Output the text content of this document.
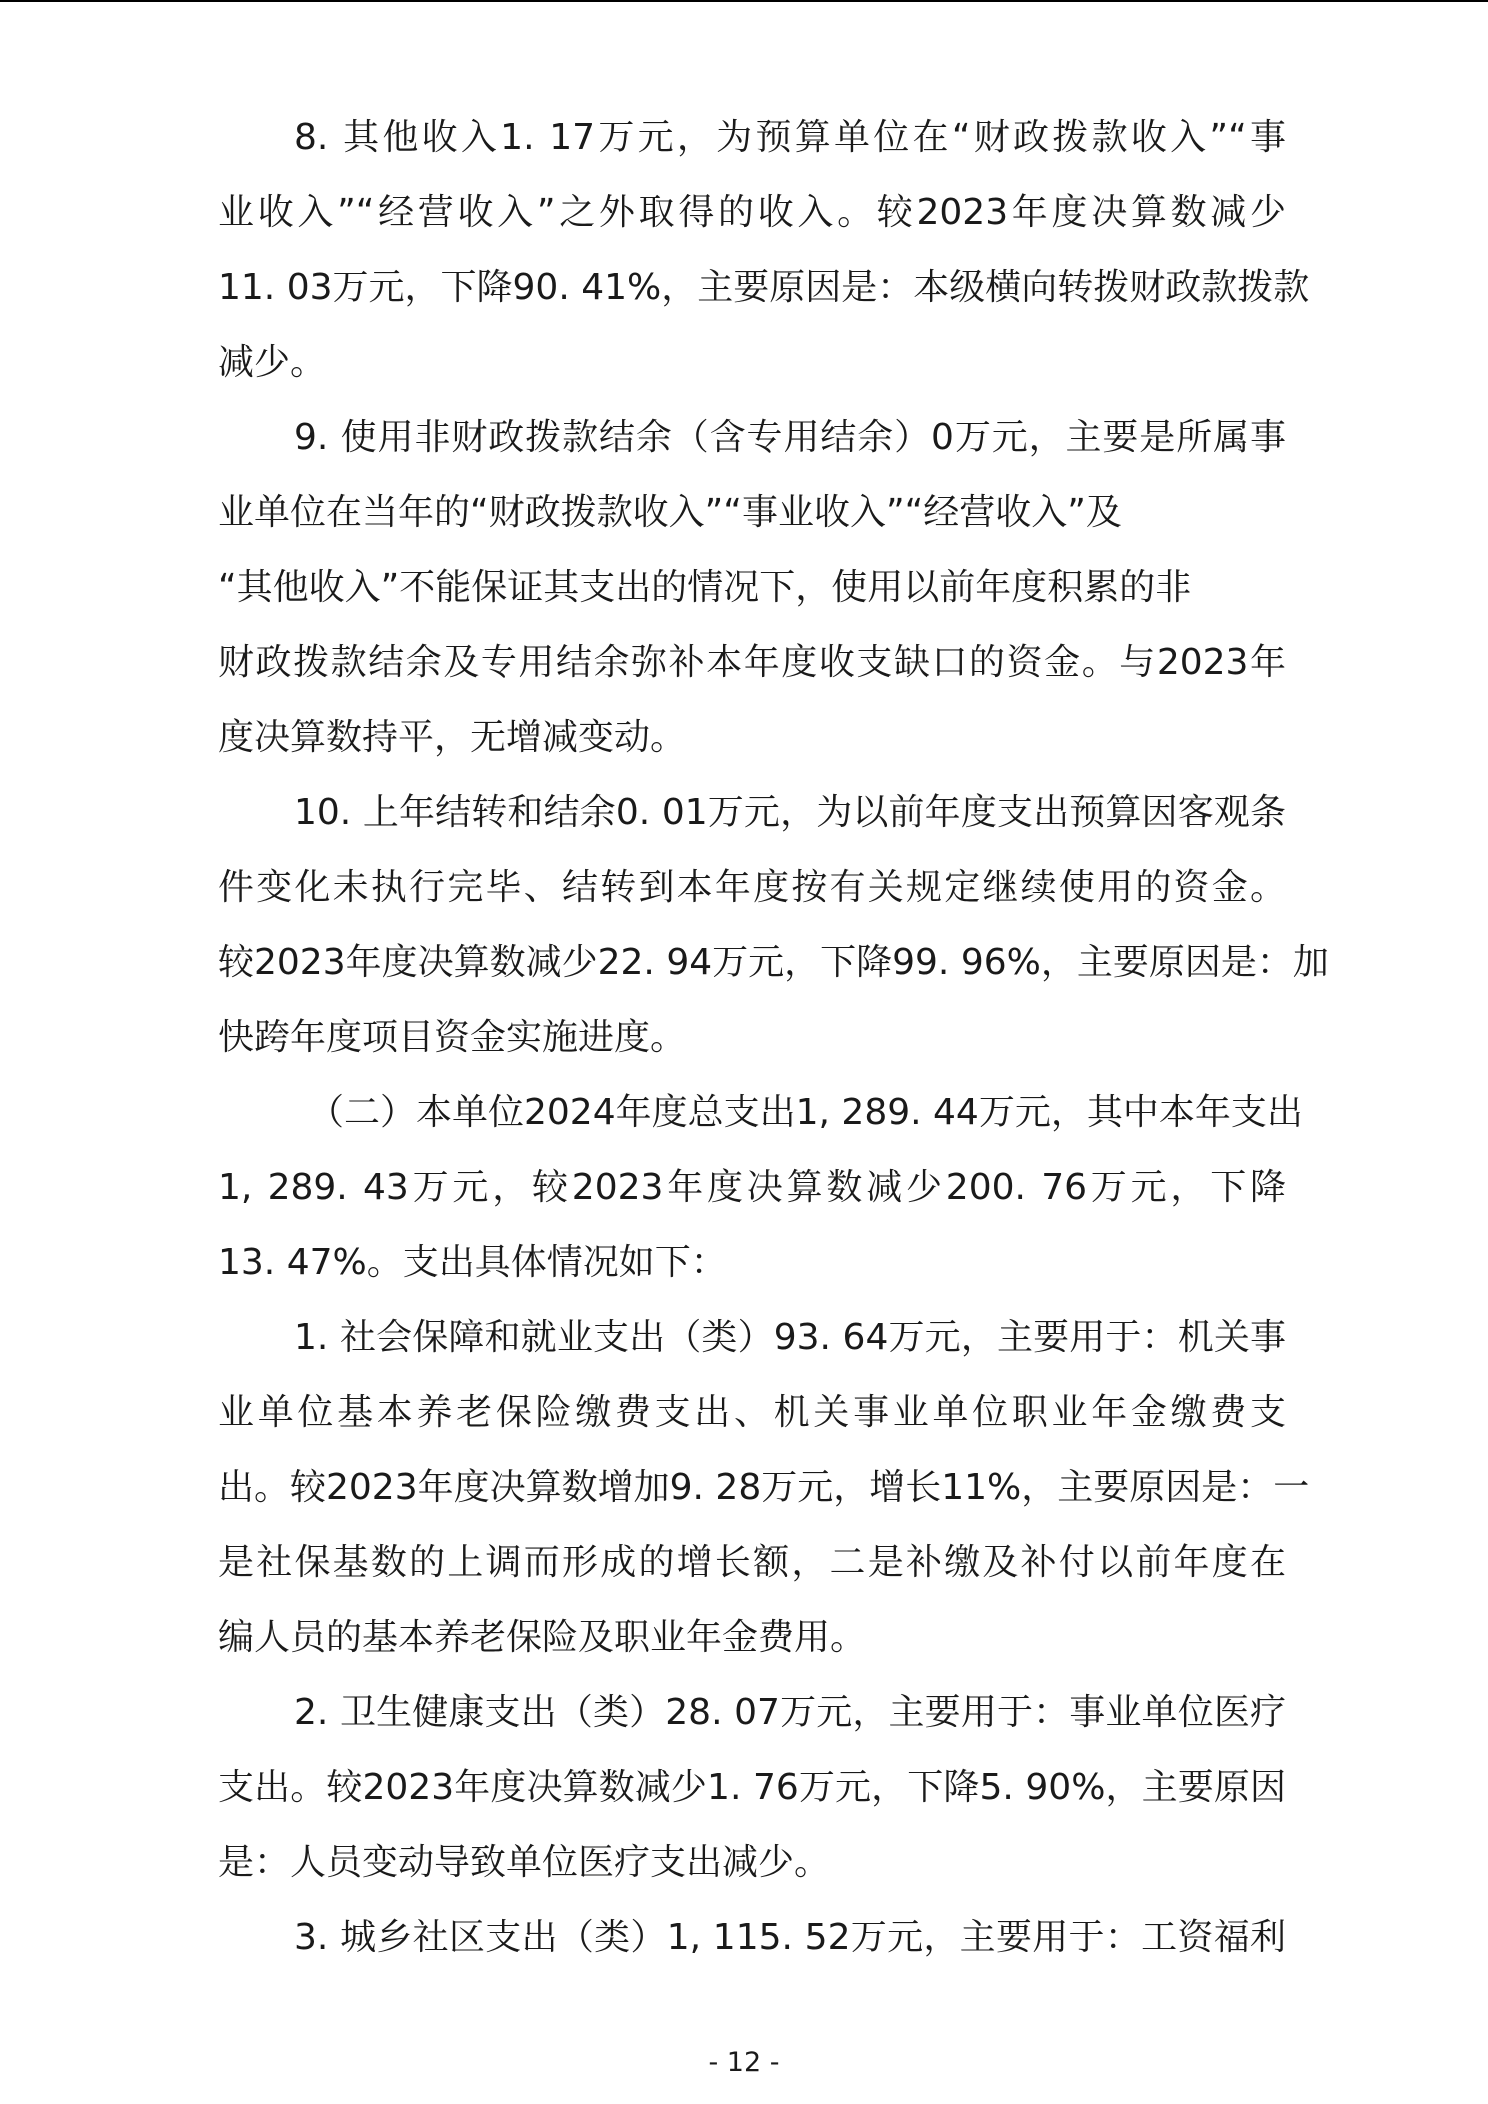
8. 其他收入1. 17万元，为预算单位在“财政拨款收入”“事
业收入”“经营收入”之外取得的收入。较2023年度决算数减少
11. 03万元，下降90. 41%，主要原因是：本级横向转拨财政款拨款
减少。
9. 使用非财政拨款结余（含专用结余）0万元，主要是所属事
业单位在当年的“财政拨款收入”“事业收入”“经营收入”及
“其他收入”不能保证其支出的情况下，使用以前年度积累的非
财政拨款结余及专用结余弥补本年度收支缺口的资金。与2023年
度决算数持平，无增减变动。
10. 上年结转和结余0. 01万元，为以前年度支出预算因客观条
件变化未执行完毕、结转到本年度按有关规定继续使用的资金。
较2023年度决算数减少22. 94万元，下降99. 96%，主要原因是：加
快跨年度项目资金实施进度。
（二）本单位2024年度总支出1, 289. 44万元，其中本年支出
1, 289. 43万元，较2023年度决算数减少200. 76万元，下降
13. 47%。支出具体情况如下：
1. 社会保障和就业支出（类）93. 64万元，主要用于：机关事
业单位基本养老保险缴费支出、机关事业单位职业年金缴费支
出。较2023年度决算数增加9. 28万元，增长11%，主要原因是：一
是社保基数的上调而形成的增长额，二是补缴及补付以前年度在
编人员的基本养老保险及职业年金费用。
2. 卫生健康支出（类）28. 07万元，主要用于：事业单位医疗
支出。较2023年度决算数减少1. 76万元，下降5. 90%，主要原因
是：人员变动导致单位医疗支出减少。
3. 城乡社区支出（类）1, 115. 52万元，主要用于：工资福利
- 12 -
